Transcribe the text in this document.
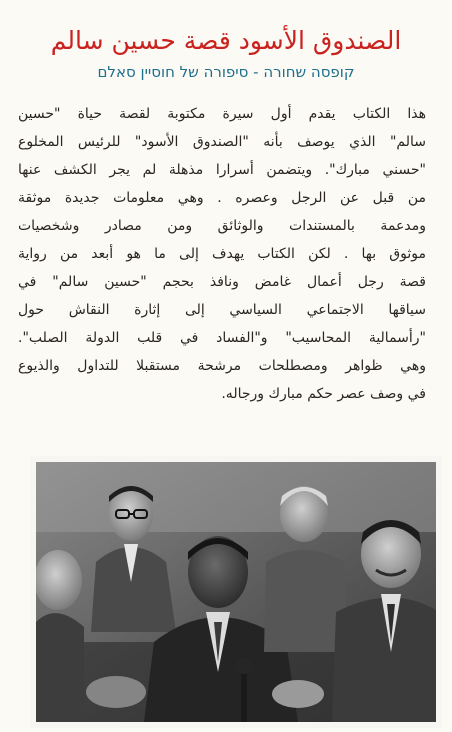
الصندوق الأسود قصة حسين سالم
קופסה שחורה - סיפורה של חוסיין סאלם
هذا الكتاب يقدم أول سيرة مكتوبة لقصة حياة "حسين
سالم" الذي يوصف بأنه "الصندوق الأسود" للرئيس المخلوع
"حسني مبارك". ويتضمن أسرارا مذهلة لم يجر الكشف عنها
من قبل عن الرجل وعصره . وهي معلومات جديدة موثقة
ومدعمة بالمستندات والوثائق ومن مصادر وشخصيات
موثوق بها . لكن الكتاب يهدف إلى ما هو أبعد من رواية
قصة رجل أعمال غامض ونافذ بحجم "حسين سالم" في
سياقها الاجتماعي السياسي إلى إثارة النقاش حول
"رأسمالية المحاسيب" و"الفساد في قلب الدولة الصلب".
وهي ظواهر ومصطلحات مرشحة مستقبلا للتداول والذيوع
في وصف عصر حكم مبارك ورجاله.
